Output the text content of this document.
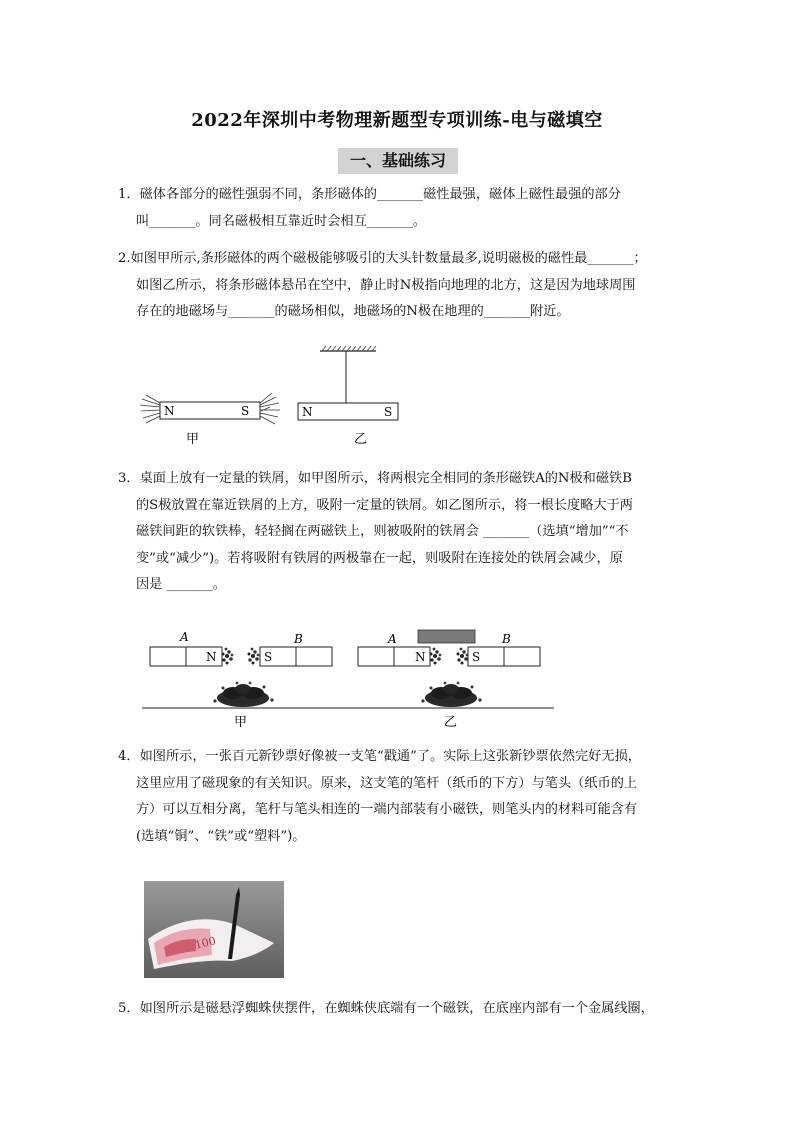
2022年深圳中考物理新题型专项训练-电与磁填空
一、基础练习

1．磁体各部分的磁性强弱不同，条形磁体的_______磁性最强，磁体上磁性最强的部分

叫_______。同名磁极相互靠近时会相互_______。

2.如图甲所示,条形磁体的两个磁极能够吸引的大头针数量最多,说明磁极的磁性最_______；

如图乙所示，将条形磁体悬吊在空中，静止时N极指向地理的北方，这是因为地球周围

存在的地磁场与_______的磁场相似，地磁场的N极在地理的_______附近。

N	S
甲
N	S
乙

3．桌面上放有一定量的铁屑，如甲图所示，将两根完全相同的条形磁铁A的N极和磁铁B

的S极放置在靠近铁屑的上方，吸附一定量的铁屑。如乙图所示，将一根长度略大于两

磁铁间距的软铁棒，轻轻搁在两磁铁上，则被吸附的铁屑会 _______（选填“增加”“不

变”或“减少”)。若将吸附有铁屑的两极靠在一起，则吸附在连接处的铁屑会减少，原

因是 _______。

A
N
B
S
甲
A
N
B
S
乙

4．如图所示，一张百元新钞票好像被一支笔“戳通”了。实际上这张新钞票依然完好无损，

这里应用了磁现象的有关知识。原来，这支笔的笔杆（纸币的下方）与笔头（纸币的上

方）可以互相分离，笔杆与笔头相连的一端内部装有小磁铁，则笔头内的材料可能含有

(选填“铜”、“铁”或“塑料”)。

100

5．如图所示是磁悬浮蜘蛛侠摆件，在蜘蛛侠底端有一个磁铁，在底座内部有一个金属线圈，
